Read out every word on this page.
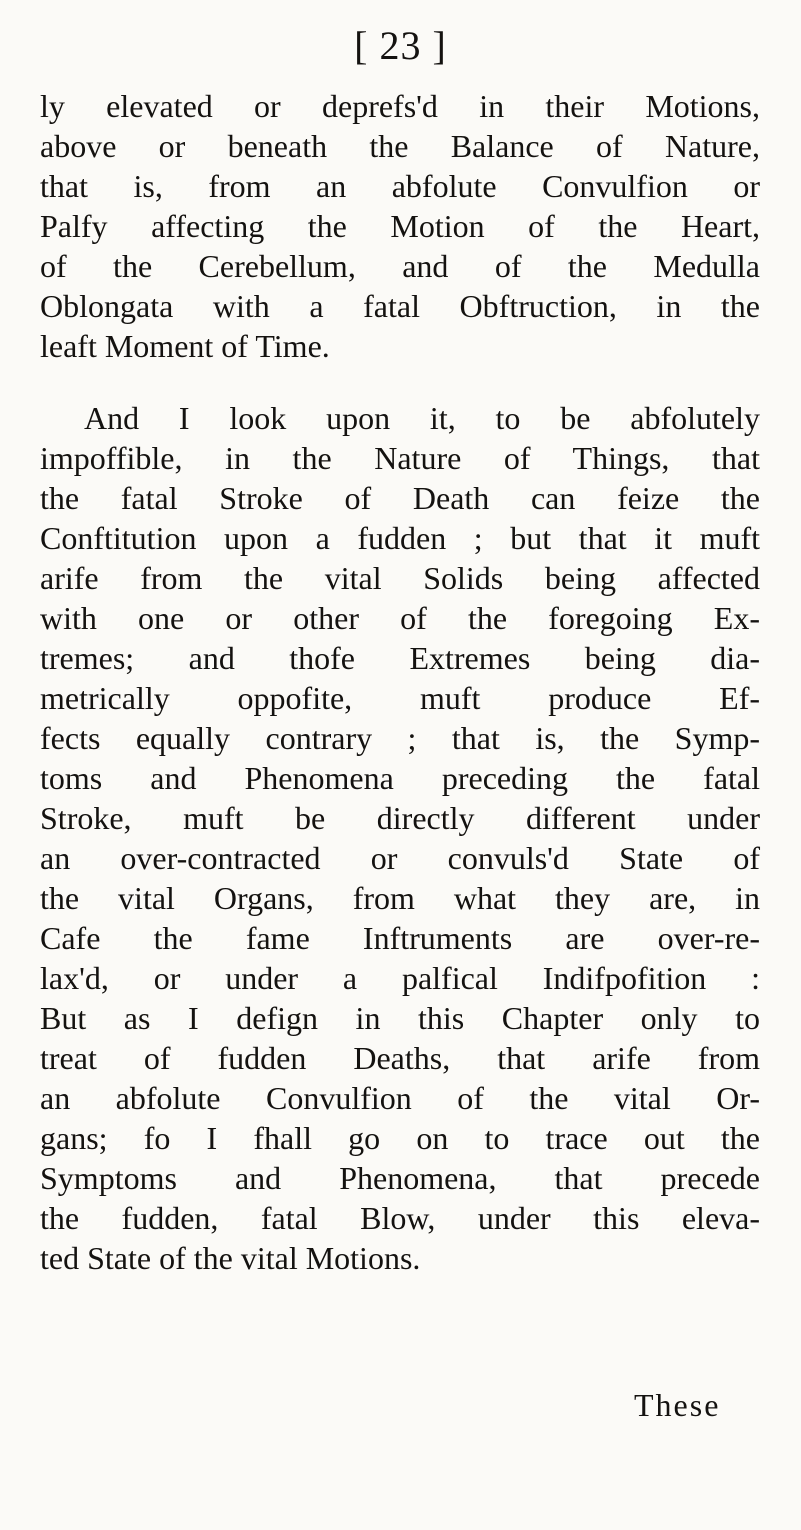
[ 23 ]
ly elevated or deprefs'd in their Motions,
above or beneath the Balance of Nature,
that is, from an abfolute Convulfion or
Palfy affecting the Motion of the Heart,
of the Cerebellum, and of the Medulla
Oblongata with a fatal Obftruction, in the
leaft Moment of Time.
And I look upon it, to be abfolutely
impoffible, in the Nature of Things, that
the fatal Stroke of Death can feize the
Conftitution upon a fudden ; but that it muft
arife from the vital Solids being affected
with one or other of the foregoing Ex-
tremes; and thofe Extremes being dia-
metrically oppofite, muft produce Ef-
fects equally contrary ; that is, the Symp-
toms and Phenomena preceding the fatal
Stroke, muft be directly different under
an over-contracted or convuls'd State of
the vital Organs, from what they are, in
Cafe the fame Inftruments are over-re-
lax'd, or under a palfical Indifpofition :
But as I defign in this Chapter only to
treat of fudden Deaths, that arife from
an abfolute Convulfion of the vital Or-
gans; fo I fhall go on to trace out the
Symptoms and Phenomena, that precede
the fudden, fatal Blow, under this eleva-
ted State of the vital Motions.
These
